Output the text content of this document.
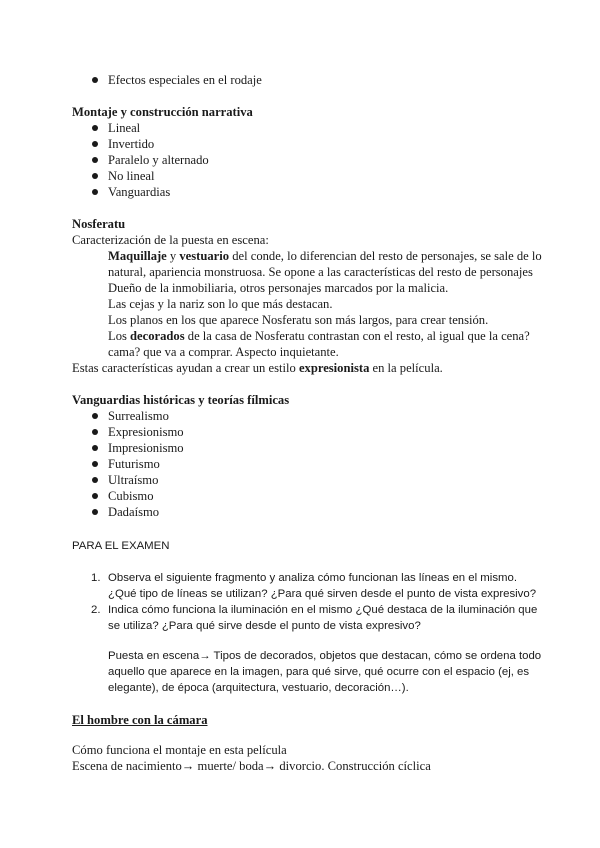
Efectos especiales en el rodaje
Montaje y construcción narrativa
Lineal
Invertido
Paralelo y alternado
No lineal
Vanguardias
Nosferatu
Caracterización de la puesta en escena:
Maquillaje y vestuario del conde, lo diferencian del resto de personajes, se sale de lo
natural, apariencia monstruosa. Se opone a las características del resto de personajes
Dueño de la inmobiliaria, otros personajes marcados por la malicia.
Las cejas y la nariz son lo que más destacan.
Los planos en los que aparece Nosferatu son más largos, para crear tensión.
Los decorados de la casa de Nosferatu contrastan con el resto, al igual que la cena?
cama? que va a comprar. Aspecto inquietante.
Estas características ayudan a crear un estilo expresionista en la película.
Vanguardias históricas y teorías fílmicas
Surrealismo
Expresionismo
Impresionismo
Futurismo
Ultraísmo
Cubismo
Dadaísmo
PARA EL EXAMEN
1. Observa el siguiente fragmento y analiza cómo funcionan las líneas en el mismo.
¿Qué tipo de líneas se utilizan? ¿Para qué sirven desde el punto de vista expresivo?
2. Indica cómo funciona la iluminación en el mismo ¿Qué destaca de la iluminación que
se utiliza? ¿Para qué sirve desde el punto de vista expresivo?
Puesta en escena→ Tipos de decorados, objetos que destacan, cómo se ordena todo
aquello que aparece en la imagen, para qué sirve, qué ocurre con el espacio (ej, es
elegante), de época (arquitectura, vestuario, decoración…).
El hombre con la cámara
Cómo funciona el montaje en esta película
Escena de nacimiento→ muerte/ boda→ divorcio. Construcción cíclica
